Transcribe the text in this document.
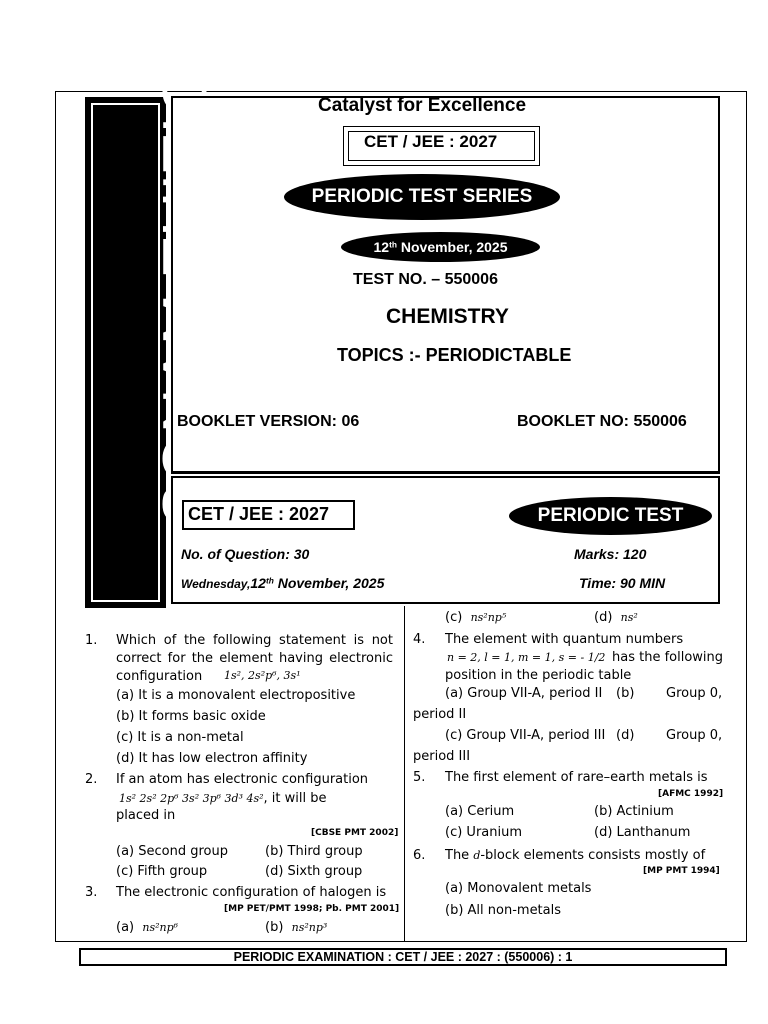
SONAM TUITIO	Catalyst for Excellence
CET / JEE : 2027
PERIODIC TEST SERIES
12th November, 2025
TEST NO. – 550006
CHEMISTRY
TOPICS :- PERIODICTABLE
BOOKLET VERSION: 06	BOOKLET NO: 550006
CET / JEE : 2027	PERIODIC TEST
No. of Question: 30	Marks: 120
Wednesday,12th November, 2025	Time: 90 MIN
1. Which of the following statement is not correct for the element having electronic configuration	1s², 2s²p⁶, 3s¹
(a) It is a monovalent electropositive
(b) It forms basic oxide
(c) It is a non-metal
(d) It has low electron affinity
2. If an atom has electronic configuration
1s² 2s² 2p⁶ 3s² 3p⁶ 3d³ 4s², it will be
placed in
[CBSE PMT 2002]
(a) Second group	(b) Third group
(c) Fifth group	(d) Sixth group
3. The electronic configuration of halogen is
[MP PET/PMT 1998; Pb. PMT 2001]
(a) ns²np⁶	(b) ns²np³
(c) ns²np⁵	(d) ns²
4. The element with quantum numbers
n = 2, l = 1, m = 1, s = - 1/2 has the following
position in the periodic table
(a) Group VII-A, period II (b) Group 0,
period II
(c) Group VII-A, period III (d) Group 0,
period III
5. The first element of rare–earth metals is
[AFMC 1992]
(a) Cerium	(b) Actinium
(c) Uranium	(d) Lanthanum
6. The d-block elements consists mostly of
[MP PMT 1994]
(a) Monovalent metals
(b) All non-metals
PERIODIC EXAMINATION : CET / JEE : 2027 : (550006) : 1
